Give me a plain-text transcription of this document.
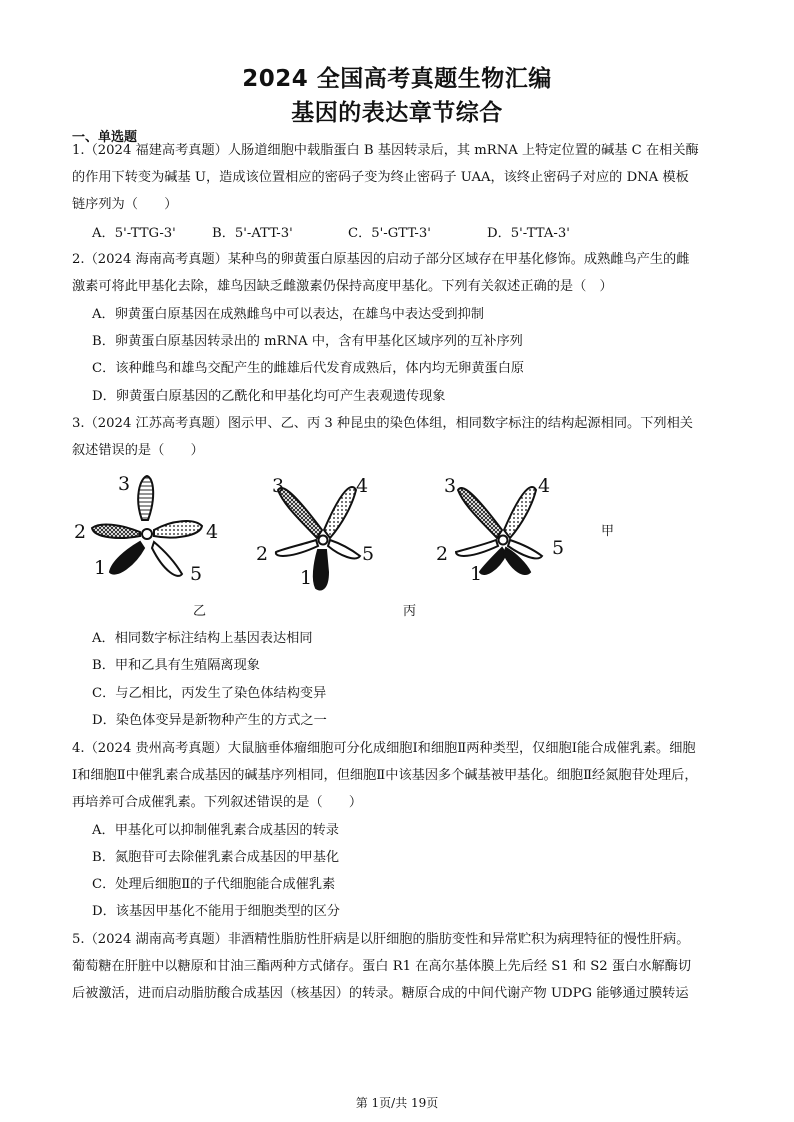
2024 全国高考真题生物汇编
基因的表达章节综合
一、单选题
1.（2024 福建高考真题）人肠道细胞中载脂蛋白 B 基因转录后，其 mRNA 上特定位置的碱基 C 在相关酶
的作用下转变为碱基 U，造成该位置相应的密码子变为终止密码子 UAA，该终止密码子对应的 DNA 模板
链序列为（　　）
A．5'-TTG-3'	B．5'-ATT-3'	C．5'-GTT-3'	D．5'-TTA-3'
2.（2024 海南高考真题）某种鸟的卵黄蛋白原基因的启动子部分区域存在甲基化修饰。成熟雌鸟产生的雌
激素可将此甲基化去除，雄鸟因缺乏雌激素仍保持高度甲基化。下列有关叙述正确的是（　）
A．卵黄蛋白原基因在成熟雌鸟中可以表达，在雄鸟中表达受到抑制
B．卵黄蛋白原基因转录出的 mRNA 中，含有甲基化区域序列的互补序列
C．该种雌鸟和雄鸟交配产生的雌雄后代发育成熟后，体内均无卵黄蛋白原
D．卵黄蛋白原基因的乙酰化和甲基化均可产生表观遗传现象
3.（2024 江苏高考真题）图示甲、乙、丙 3 种昆虫的染色体组，相同数字标注的结构起源相同。下列相关
叙述错误的是（　　）
3
2	4
1	5
3	4
2	5
1
3	4
2	5
1
甲
乙	丙
A．相同数字标注结构上基因表达相同
B．甲和乙具有生殖隔离现象
C．与乙相比，丙发生了染色体结构变异
D．染色体变异是新物种产生的方式之一
4.（2024 贵州高考真题）大鼠脑垂体瘤细胞可分化成细胞Ⅰ和细胞Ⅱ两种类型，仅细胞Ⅰ能合成催乳素。细胞
Ⅰ和细胞Ⅱ中催乳素合成基因的碱基序列相同，但细胞Ⅱ中该基因多个碱基被甲基化。细胞Ⅱ经氮胞苷处理后，
再培养可合成催乳素。下列叙述错误的是（　　）
A．甲基化可以抑制催乳素合成基因的转录
B．氮胞苷可去除催乳素合成基因的甲基化
C．处理后细胞Ⅱ的子代细胞能合成催乳素
D．该基因甲基化不能用于细胞类型的区分
5.（2024 湖南高考真题）非酒精性脂肪性肝病是以肝细胞的脂肪变性和异常贮积为病理特征的慢性肝病。
葡萄糖在肝脏中以糖原和甘油三酯两种方式储存。蛋白 R1 在高尔基体膜上先后经 S1 和 S2 蛋白水解酶切
后被激活，进而启动脂肪酸合成基因（核基因）的转录。糖原合成的中间代谢产物 UDPG 能够通过膜转运
第 1页/共 19页
